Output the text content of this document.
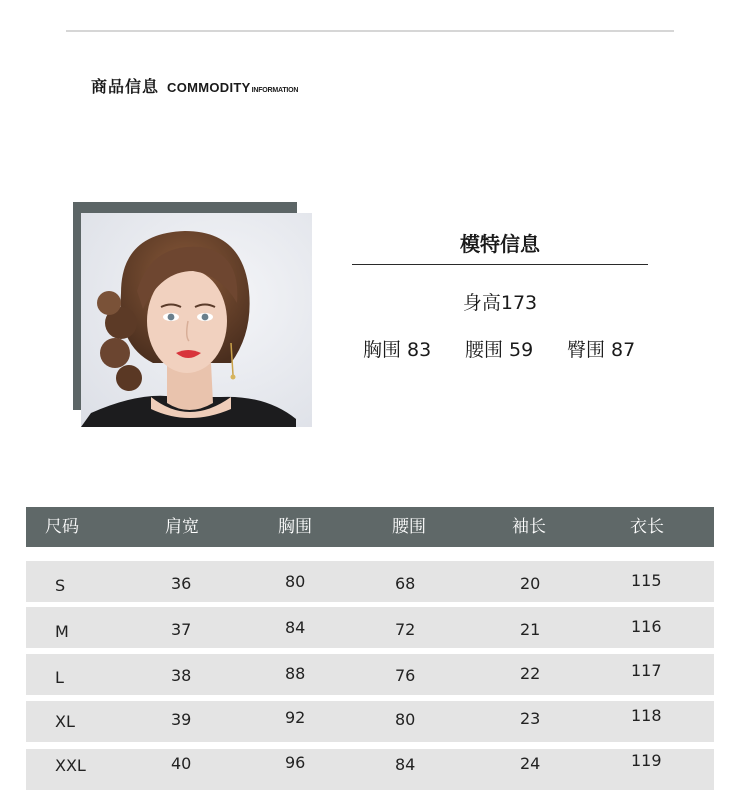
商品信息 COMMODITY INFORMATION
模特信息
身高173
胸围 83 腰围 59 臀围 87
尺码	肩宽	胸围	腰围	袖长	衣长
S	36	80	68	20	115
M	37	84	72	21	116
L	38	88	76	22	117
XL	39	92	80	23	118
XXL	40	96	84	24	119
